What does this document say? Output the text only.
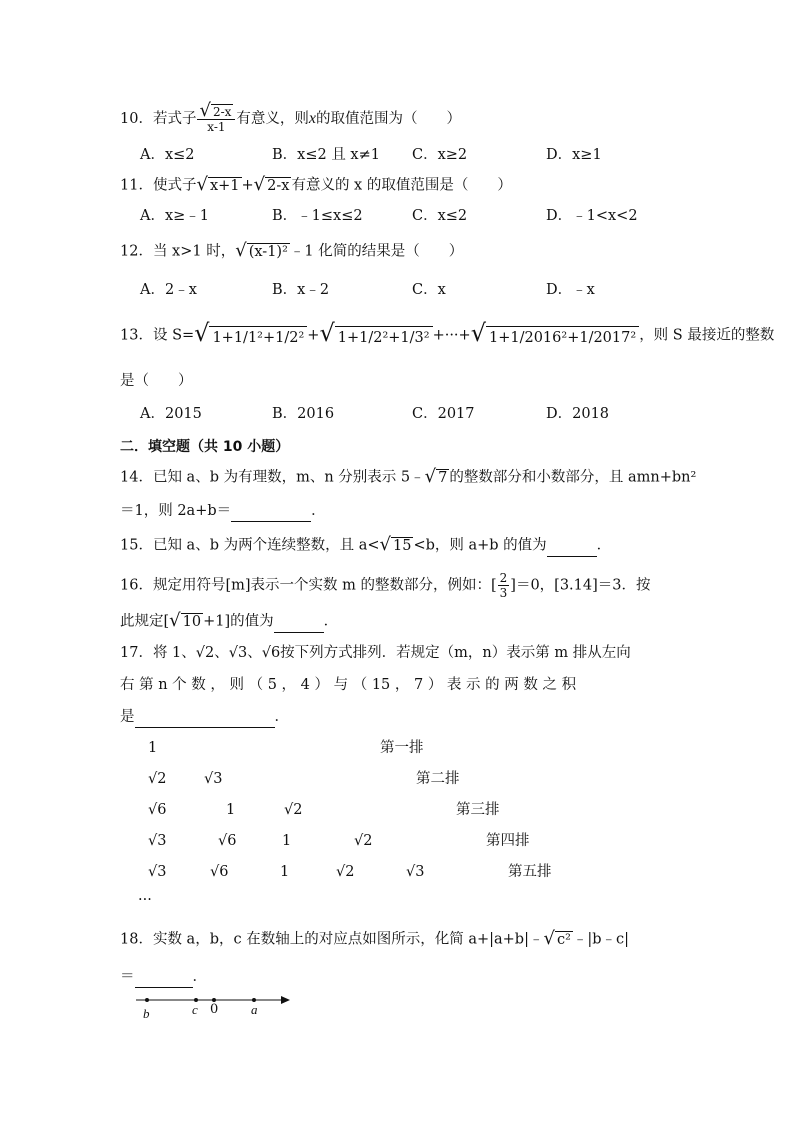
10．若式子 $\frac{√ 2-x}{x-1}$ 有意义，则x的取值范围为（　　）
A．x≤2	B．x≤2 且 x≠1 C．x≥2	D．x≥1
11．使式子√ x+1 +√ 2-x 有意义的 x 的取值范围是（　　）
A．x≥﹣1	B．﹣1≤x≤2	C．x≤2	D．﹣1<x<2
12．当 x>1 时，√ (x-1)² ﹣1 化简的结果是（　　）
A．2﹣x	B．x﹣2	C．x	D．﹣x
13．设 S=√ 1+1/1²+1/2² +√ 1+1/2²+1/3² +···+√ 1+1/2016²+1/2017² ，则 S 最接近的整数
是（　　）
A．2015	B．2016	C．2017	D．2018
二．填空题（共 10 小题）
14．已知 a、b 为有理数，m、n 分别表示 5﹣√ 7 的整数部分和小数部分，且 amn+bn²
＝1，则 2a+b＝	．
15．已知 a、b 为两个连续整数，且 a<√ 15 <b，则 a+b 的值为	．
16．规定用符号[m]表示一个实数 m 的整数部分，例如：[ $\frac{2}{3} ]=0$，[3.14]＝3．按
此规定[√ 10 +1]的值为	．
17．将 1、√2、√3、√6按下列方式排列．若规定（m，n）表示第 m 排从左向
右 第 n 个 数 ， 则 （ 5 ， 4 ） 与 （ 15 ， 7 ） 表 示 的 两 数 之 积
是	．
1	第一排
√2	√3	第二排
√6	1	√2	第三排
√3	√6	1	√2	第四排
√3	√6	1	√2	√3	第五排
···
18．实数 a，b，c 在数轴上的对应点如图所示，化简 a+|a+b|﹣√ c² ﹣|b﹣c|
＝	．
b	c 0	a
